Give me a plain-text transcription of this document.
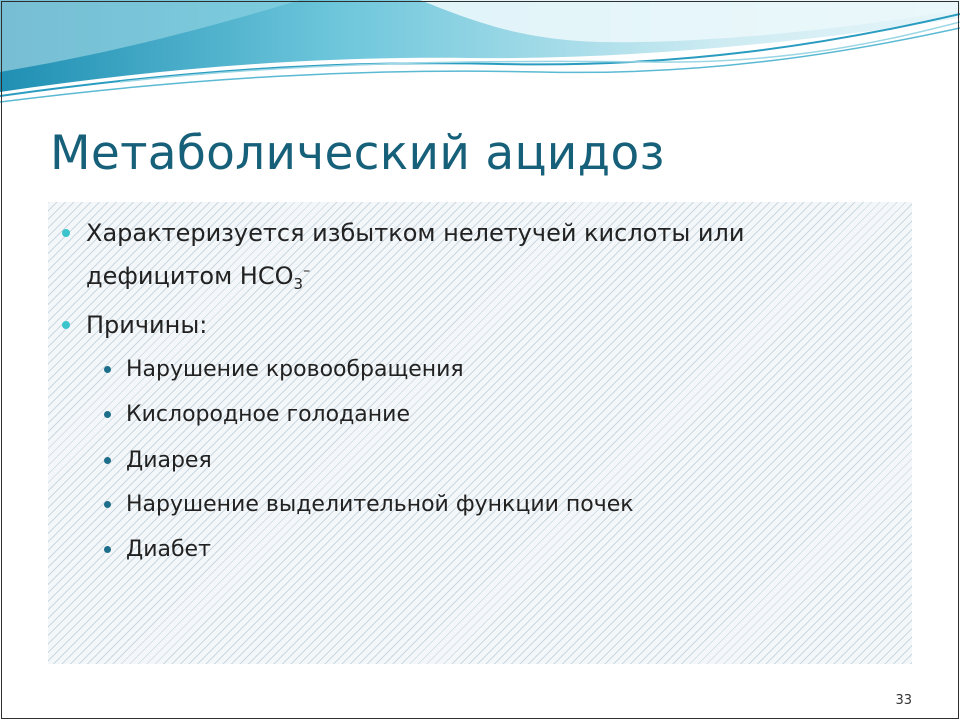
Метаболический ацидоз
Характеризуется избытком нелетучей кислоты или
дефицитом $HCO_3^-$
Причины:
Нарушение кровообращения
Кислородное голодание
Диарея
Нарушение выделительной функции почек
Диабет
33
